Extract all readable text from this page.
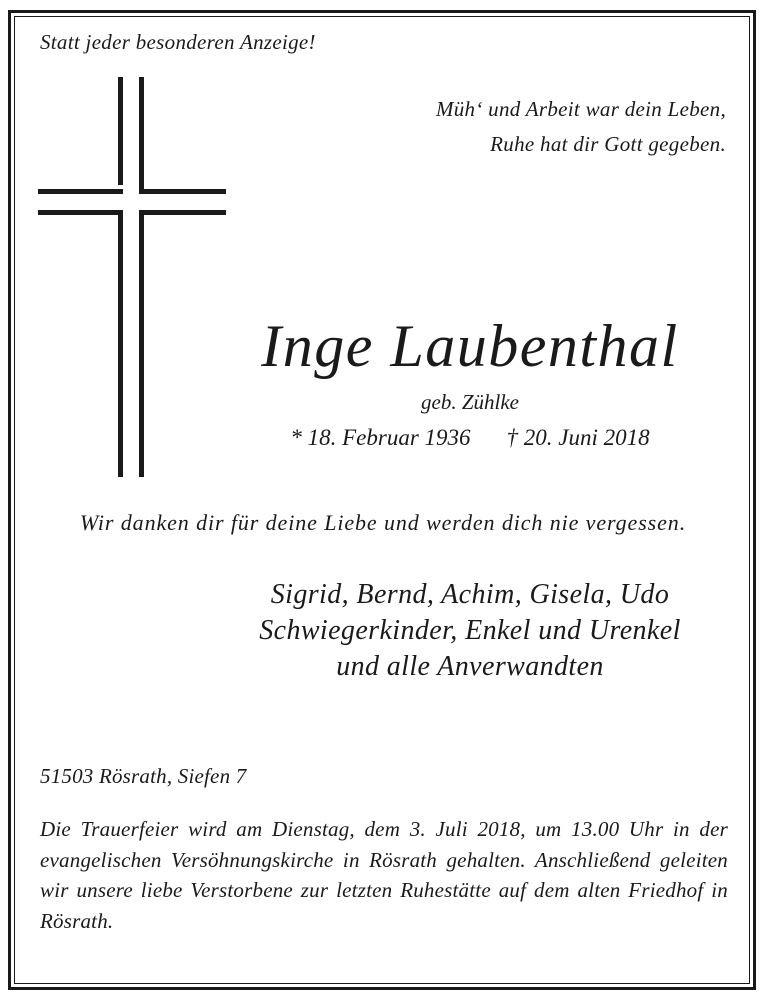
Statt jeder besonderen Anzeige!
Müh‘ und Arbeit war dein Leben,
Ruhe hat dir Gott gegeben.
Inge Laubenthal
geb. Zühlke
* 18. Februar 1936 † 20. Juni 2018
Wir danken dir für deine Liebe und werden dich nie vergessen.
Sigrid, Bernd, Achim, Gisela, Udo
Schwiegerkinder, Enkel und Urenkel
und alle Anverwandten
51503 Rösrath, Siefen 7
Die Trauerfeier wird am Dienstag, dem 3. Juli 2018, um 13.00 Uhr in der evangelischen Versöhnungskirche in Rösrath gehalten. Anschließend geleiten wir unsere liebe Verstorbene zur letzten Ruhestätte auf dem alten Friedhof in Rösrath.
